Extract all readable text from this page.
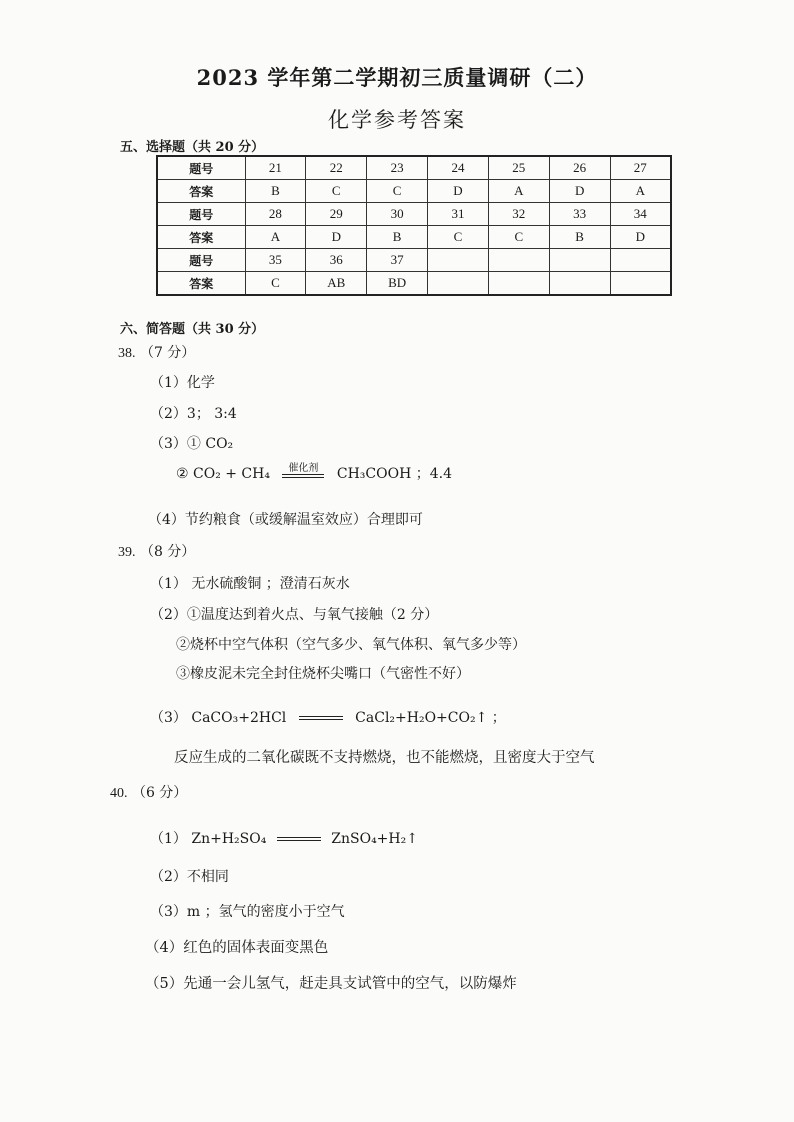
2023 学年第二学期初三质量调研（二）
化学参考答案
五、选择题（共 20 分）
题号	21	22	23	24	25	26	27
答案	B	C	C	D	A	D	A
题号	28	29	30	31	32	33	34
答案	A	D	B	C	C	B	D
题号	35	36	37				
答案	C	AB	BD				
六、简答题（共 30 分）
38. （7 分）
（1）化学
（2）3； 3:4
（3）① CO₂
② CO₂ + CH₄	催化剂	CH₃COOH ；4.4
（4）节约粮食（或缓解温室效应）合理即可
39. （8 分）
（1） 无水硫酸铜 ；澄清石灰水
（2）①温度达到着火点、与氧气接触（2 分）
②烧杯中空气体积（空气多少、氧气体积、氧气多少等）
③橡皮泥未完全封住烧杯尖嘴口（气密性不好）
（3） CaCO₃+2HCl	CaCl₂+H₂O+CO₂↑ ；
反应生成的二氧化碳既不支持燃烧，也不能燃烧，且密度大于空气
40. （6 分）
（1） Zn+H₂SO₄	ZnSO₄+H₂↑
（2）不相同
（3）m ；氢气的密度小于空气
（4）红色的固体表面变黑色
（5）先通一会儿氢气，赶走具支试管中的空气，以防爆炸
